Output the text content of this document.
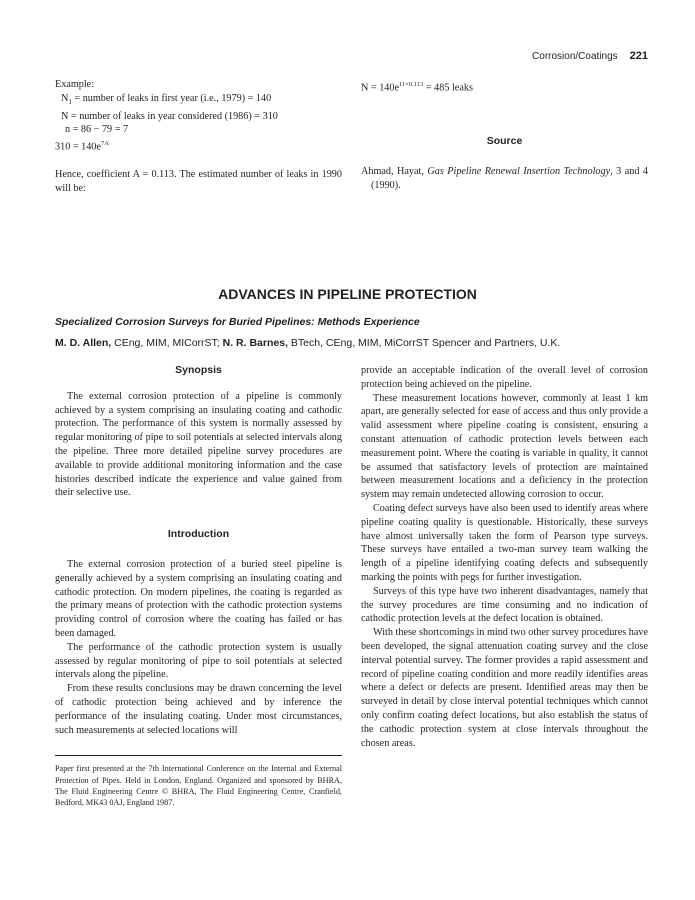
Corrosion/Coatings 221

Example:

$N_1$ = number of leaks in first year (i.e., 1979) = 140

N = number of leaks in year considered (1986) = 310

n = 86 − 79 = 7

$310 = 140e^{7A}$

Hence, coefficient A = 0.113. The estimated number of leaks in 1990 will be:

$N = 140e^{11\times 0.113} = 485$ leaks

Source

Ahmad, Hayat, Gas Pipeline Renewal Insertion Technology, 3 and 4 (1990).

ADVANCES IN PIPELINE PROTECTION
Specialized Corrosion Surveys for Buried Pipelines: Methods Experience
M. D. Allen, CEng, MIM, MICorrST; N. R. Barnes, BTech, CEng, MIM, MiCorrST Spencer and Partners, U.K.
Synopsis

The external corrosion protection of a pipeline is commonly achieved by a system comprising an insulating coating and cathodic protection. The performance of this system is normally assessed by regular monitoring of pipe to soil potentials at selected intervals along the pipeline. Three more detailed pipeline survey procedures are available to provide additional monitoring information and the case histories described indicate the experience and value gained from their selective use.

Introduction

The external corrosion protection of a buried steel pipeline is generally achieved by a system comprising an insulating coating and cathodic protection. On modern pipelines, the coating is regarded as the primary means of protection with the cathodic protection systems providing control of corrosion where the coating has failed or has been damaged.

The performance of the cathodic protection system is usually assessed by regular monitoring of pipe to soil potentials at selected intervals along the pipeline.

From these results conclusions may be drawn concerning the level of cathodic protection being achieved and by inference the performance of the insulating coating. Under most circumstances, such measurements at selected locations will

Paper first presented at the 7th International Conference on the Internal and External Protection of Pipes. Held in London, England. Organized and sponsored by BHRA, The Fluid Engineering Centre © BHRA, The Fluid Engineering Centre, Cranfield, Bedford, MK43 0AJ, England 1987.

provide an acceptable indication of the overall level of corrosion protection being achieved on the pipeline.

These measurement locations however, commonly at least 1 km apart, are generally selected for ease of access and thus only provide a valid assessment where pipeline coating is consistent, ensuring a constant attenuation of cathodic protection levels between each measurement point. Where the coating is variable in quality, it cannot be assumed that satisfactory levels of protection are maintained between measurement locations and a deficiency in the protection system may remain undetected allowing corrosion to occur.

Coating defect surveys have also been used to identify areas where pipeline coating quality is questionable. Historically, these surveys have almost universally taken the form of Pearson type surveys. These surveys have entailed a two-man survey team walking the length of a pipeline identifying coating defects and subsequently marking the points with pegs for further investigation.

Surveys of this type have two inherent disadvantages, namely that the survey procedures are time consuming and no indication of cathodic protection levels at the defect location is obtained.

With these shortcomings in mind two other survey procedures have been developed, the signal attenuation coating survey and the close interval potential survey. The former provides a rapid assessment and record of pipeline coating condition and more readily identifies areas where a defect or defects are present. Identified areas may then be surveyed in detail by close interval potential techniques which cannot only confirm coating defect locations, but also establish the status of the cathodic protection system at close intervals throughout the chosen areas.
